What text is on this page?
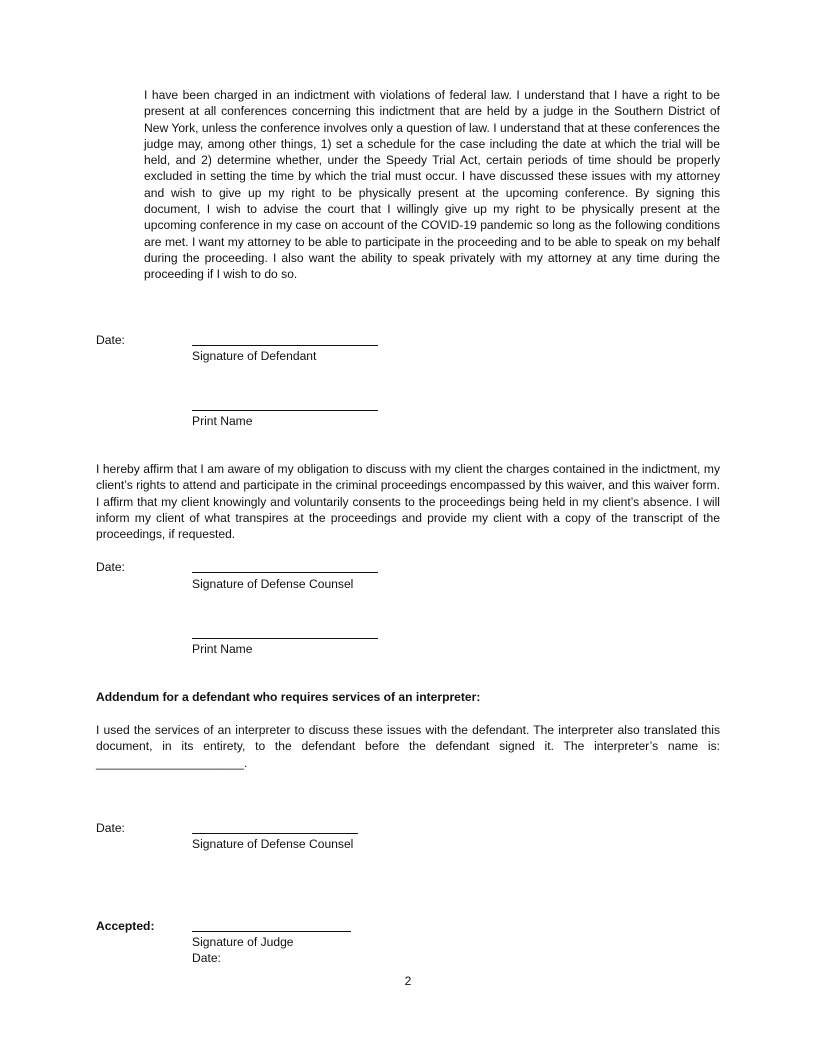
I have been charged in an indictment with violations of federal law. I understand that I have a right to be present at all conferences concerning this indictment that are held by a judge in the Southern District of New York, unless the conference involves only a question of law. I understand that at these conferences the judge may, among other things, 1) set a schedule for the case including the date at which the trial will be held, and 2) determine whether, under the Speedy Trial Act, certain periods of time should be properly excluded in setting the time by which the trial must occur. I have discussed these issues with my attorney and wish to give up my right to be physically present at the upcoming conference. By signing this document, I wish to advise the court that I willingly give up my right to be physically present at the upcoming conference in my case on account of the COVID-19 pandemic so long as the following conditions are met. I want my attorney to be able to participate in the proceeding and to be able to speak on my behalf during the proceeding. I also want the ability to speak privately with my attorney at any time during the proceeding if I wish to do so.

Date:
Signature of Defendant
Print Name

I hereby affirm that I am aware of my obligation to discuss with my client the charges contained in the indictment, my client’s rights to attend and participate in the criminal proceedings encompassed by this waiver, and this waiver form. I affirm that my client knowingly and voluntarily consents to the proceedings being held in my client’s absence. I will inform my client of what transpires at the proceedings and provide my client with a copy of the transcript of the proceedings, if requested.

Date:
Signature of Defense Counsel
Print Name
Addendum for a defendant who requires services of an interpreter:

I used the services of an interpreter to discuss these issues with the defendant. The interpreter also translated this document, in its entirety, to the defendant before the defendant signed it. The interpreter’s name is: ______________________.

Date:
Signature of Defense Counsel
Accepted:
Signature of Judge
Date:
2
